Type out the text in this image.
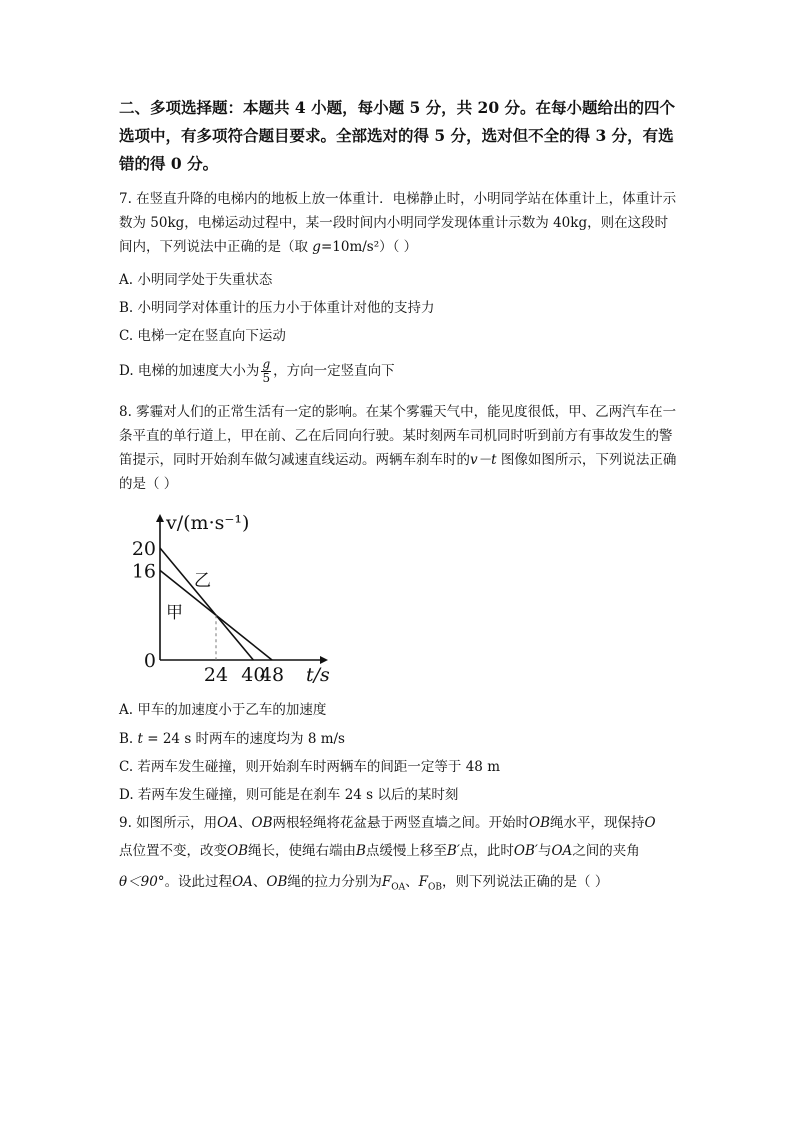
二、多项选择题：本题共 4 小题，每小题 5 分，共 20 分。在每小题给出的四个选项中，有多项符合题目要求。全部选对的得 5 分，选对但不全的得 3 分，有选错的得 0 分。
7. 在竖直升降的电梯内的地板上放一体重计．电梯静止时，小明同学站在体重计上，体重计示数为 50kg，电梯运动过程中，某一段时间内小明同学发现体重计示数为 40kg，则在这段时间内，下列说法中正确的是（取 g=10m/s²）（ ）
A. 小明同学处于失重状态
B. 小明同学对体重计的压力小于体重计对他的支持力
C. 电梯一定在竖直向下运动
D. 电梯的加速度大小为 $\frac{g}{5}$ ，方向一定竖直向下
8. 雾霾对人们的正常生活有一定的影响。在某个雾霾天气中，能见度很低，甲、乙两汽车在一条平直的单行道上，甲在前、乙在后同向行驶。某时刻两车司机同时听到前方有事故发生的警笛提示，同时开始刹车做匀减速直线运动。两辆车刹车时的v－t 图像如图所示，下列说法正确的是（ ）
v/(m·s⁻¹)
t/s
甲
乙
20
16
0
24 40
48
A. 甲车的加速度小于乙车的加速度
B. t = 24 s 时两车的速度均为 8 m/s
C. 若两车发生碰撞，则开始刹车时两辆车的间距一定等于 48 m
D. 若两车发生碰撞，则可能是在刹车 24 s 以后的某时刻
9. 如图所示，用OA、OB两根轻绳将花盆悬于两竖直墙之间。开始时OB绳水平，现保持O
点位置不变，改变OB绳长，使绳右端由B点缓慢上移至B′点，此时OB′与OA之间的夹角
θ＜90°。设此过程OA、OB绳的拉力分别为$F_{OA}$、$F_{OB}$，则下列说法正确的是（ ）
